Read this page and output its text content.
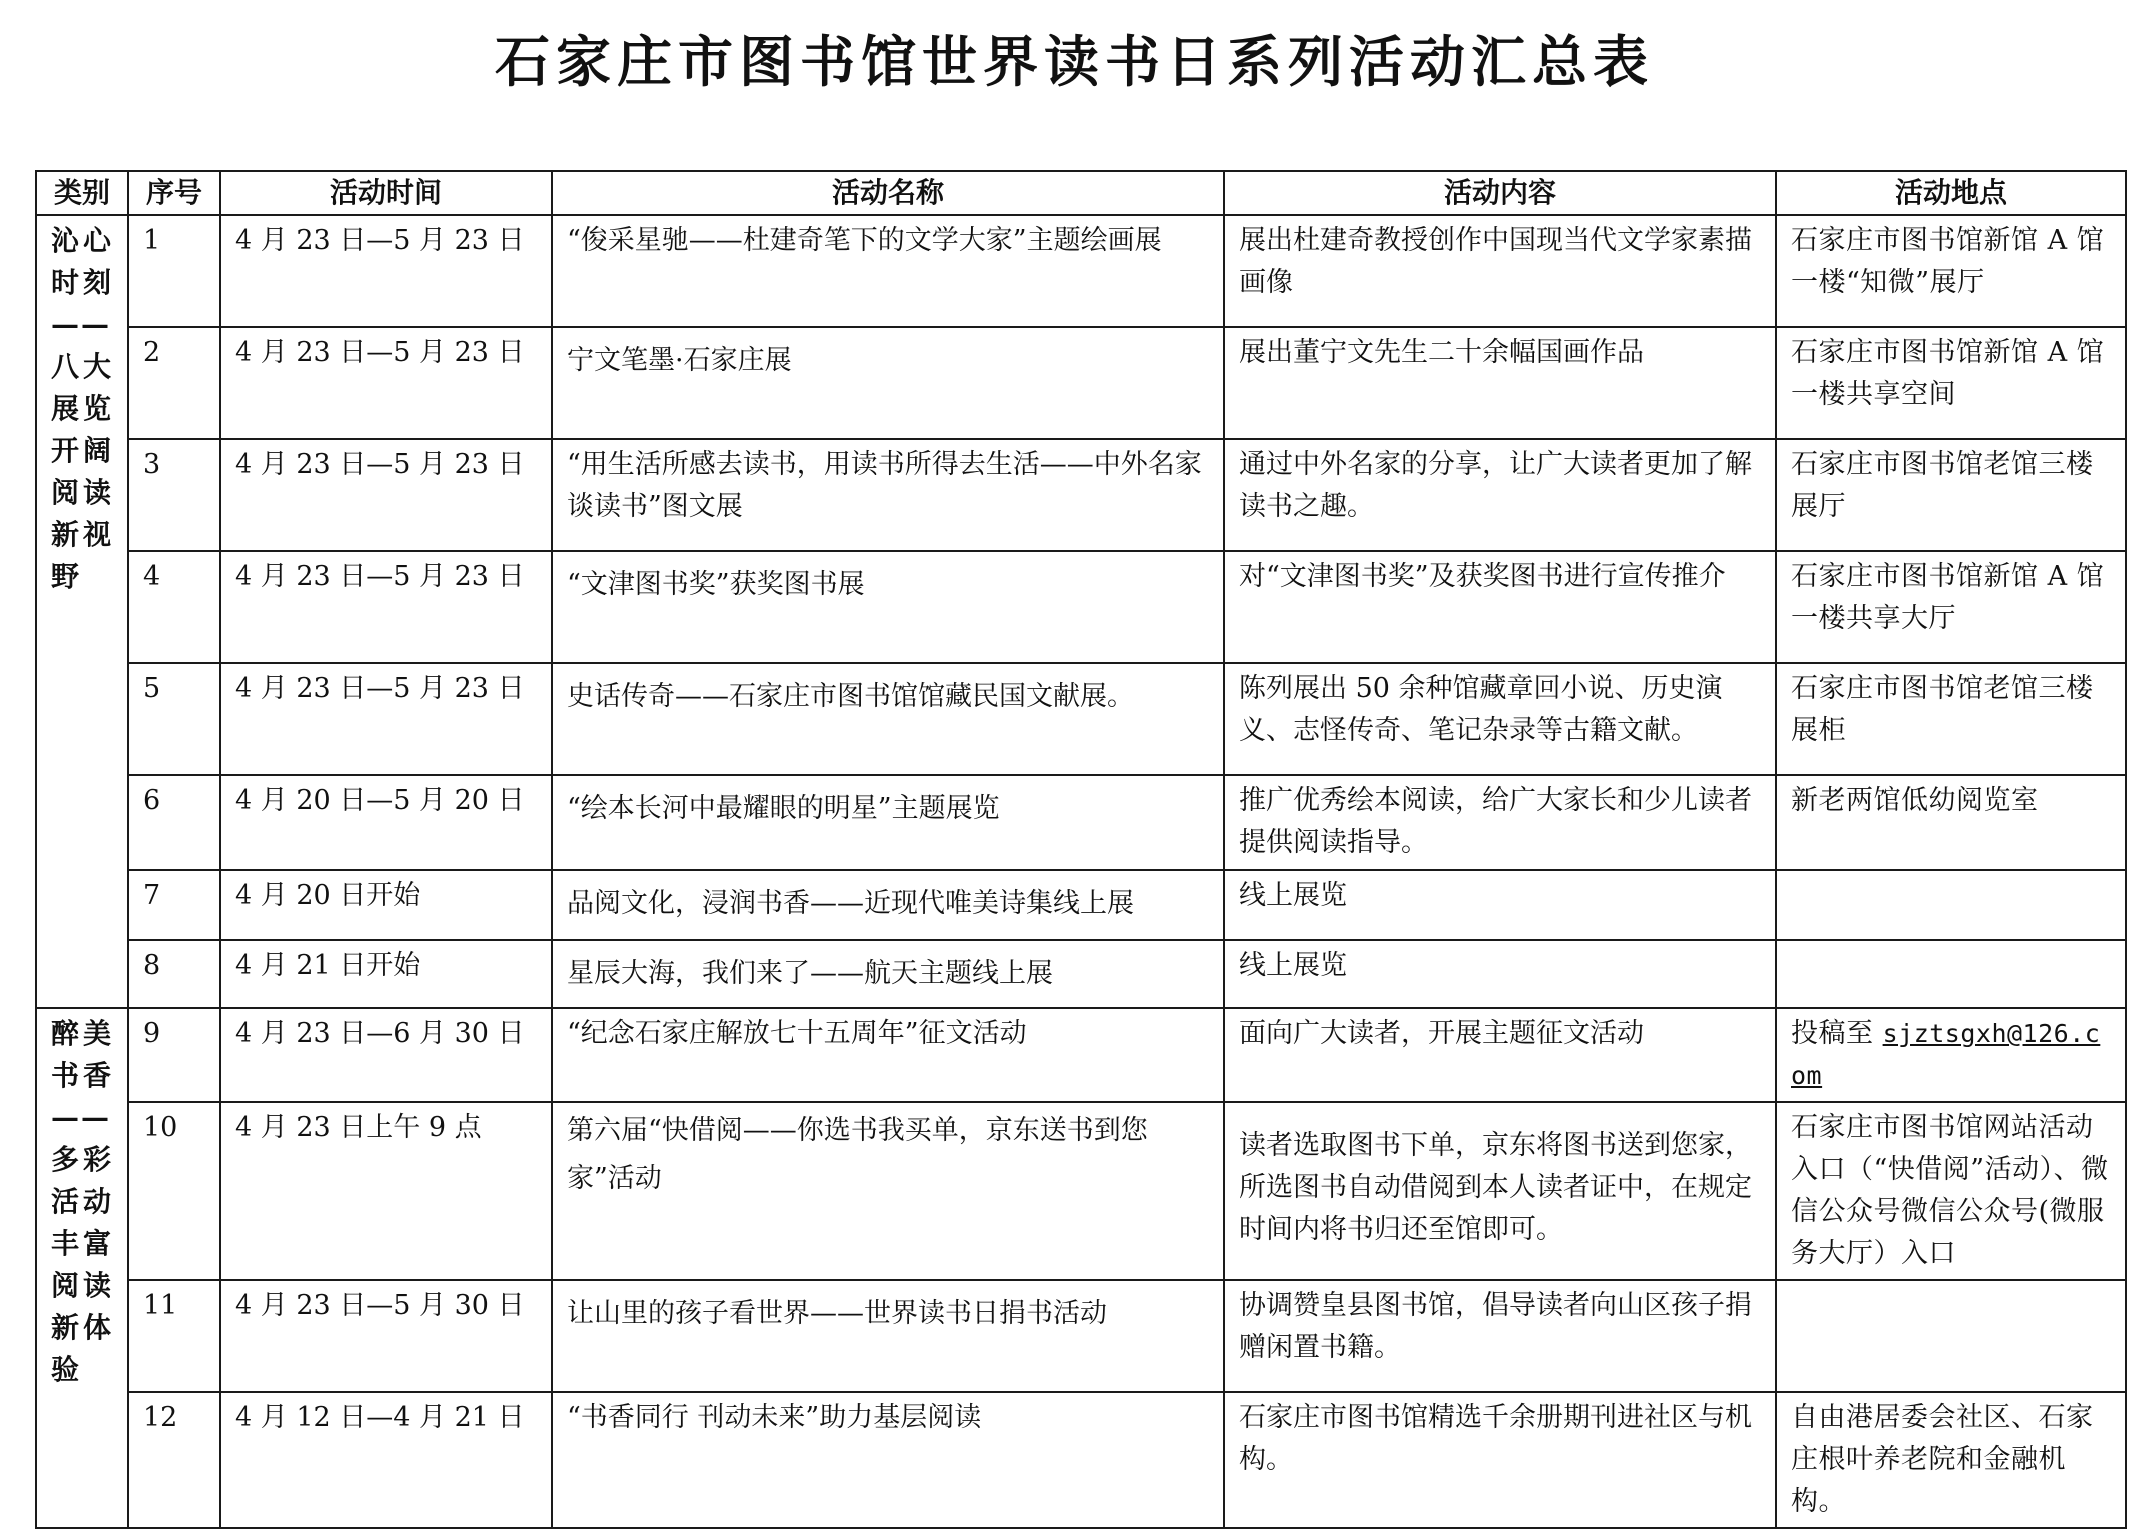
石家庄市图书馆世界读书日系列活动汇总表
类别	序号	活动时间	活动名称	活动内容	活动地点
沁心时刻——八大展览开阔阅读新视野	1	4 月 23 日—5 月 23 日	“俊采星驰——杜建奇笔下的文学大家”主题绘画展	展出杜建奇教授创作中国现当代文学家素描画像	石家庄市图书馆新馆 A 馆一楼“知微”展厅
	2	4 月 23 日—5 月 23 日	宁文笔墨·石家庄展	展出董宁文先生二十余幅国画作品	石家庄市图书馆新馆 A 馆一楼共享空间
	3	4 月 23 日—5 月 23 日	“用生活所感去读书，用读书所得去生活——中外名家谈读书”图文展	通过中外名家的分享，让广大读者更加了解读书之趣。	石家庄市图书馆老馆三楼展厅
	4	4 月 23 日—5 月 23 日	“文津图书奖”获奖图书展	对“文津图书奖”及获奖图书进行宣传推介	石家庄市图书馆新馆 A 馆一楼共享大厅
	5	4 月 23 日—5 月 23 日	史话传奇——石家庄市图书馆馆藏民国文献展。	陈列展出 50 余种馆藏章回小说、历史演义、志怪传奇、笔记杂录等古籍文献。	石家庄市图书馆老馆三楼展柜
	6	4 月 20 日—5 月 20 日	“绘本长河中最耀眼的明星”主题展览	推广优秀绘本阅读，给广大家长和少儿读者提供阅读指导。	新老两馆低幼阅览室
	7	4 月 20 日开始	品阅文化，浸润书香——近现代唯美诗集线上展	线上展览	
	8	4 月 21 日开始	星辰大海，我们来了——航天主题线上展	线上展览	
醉美书香——多彩活动丰富阅读新体验	9	4 月 23 日—6 月 30 日	“纪念石家庄解放七十五周年”征文活动	面向广大读者，开展主题征文活动	投稿至 sjztsgxh@126.com
	10	4 月 23 日上午 9 点	第六届“快借阅——你选书我买单，京东送书到您家”活动	读者选取图书下单，京东将图书送到您家，所选图书自动借阅到本人读者证中，在规定时间内将书归还至馆即可。	石家庄市图书馆网站活动入口（“快借阅”活动）、微信公众号微信公众号(微服务大厅）入口
	11	4 月 23 日—5 月 30 日	让山里的孩子看世界——世界读书日捐书活动	协调赞皇县图书馆，倡导读者向山区孩子捐赠闲置书籍。	
	12	4 月 12 日—4 月 21 日	“书香同行 刊动未来”助力基层阅读	石家庄市图书馆精选千余册期刊进社区与机构。	自由港居委会社区、石家庄根叶养老院和金融机构。
